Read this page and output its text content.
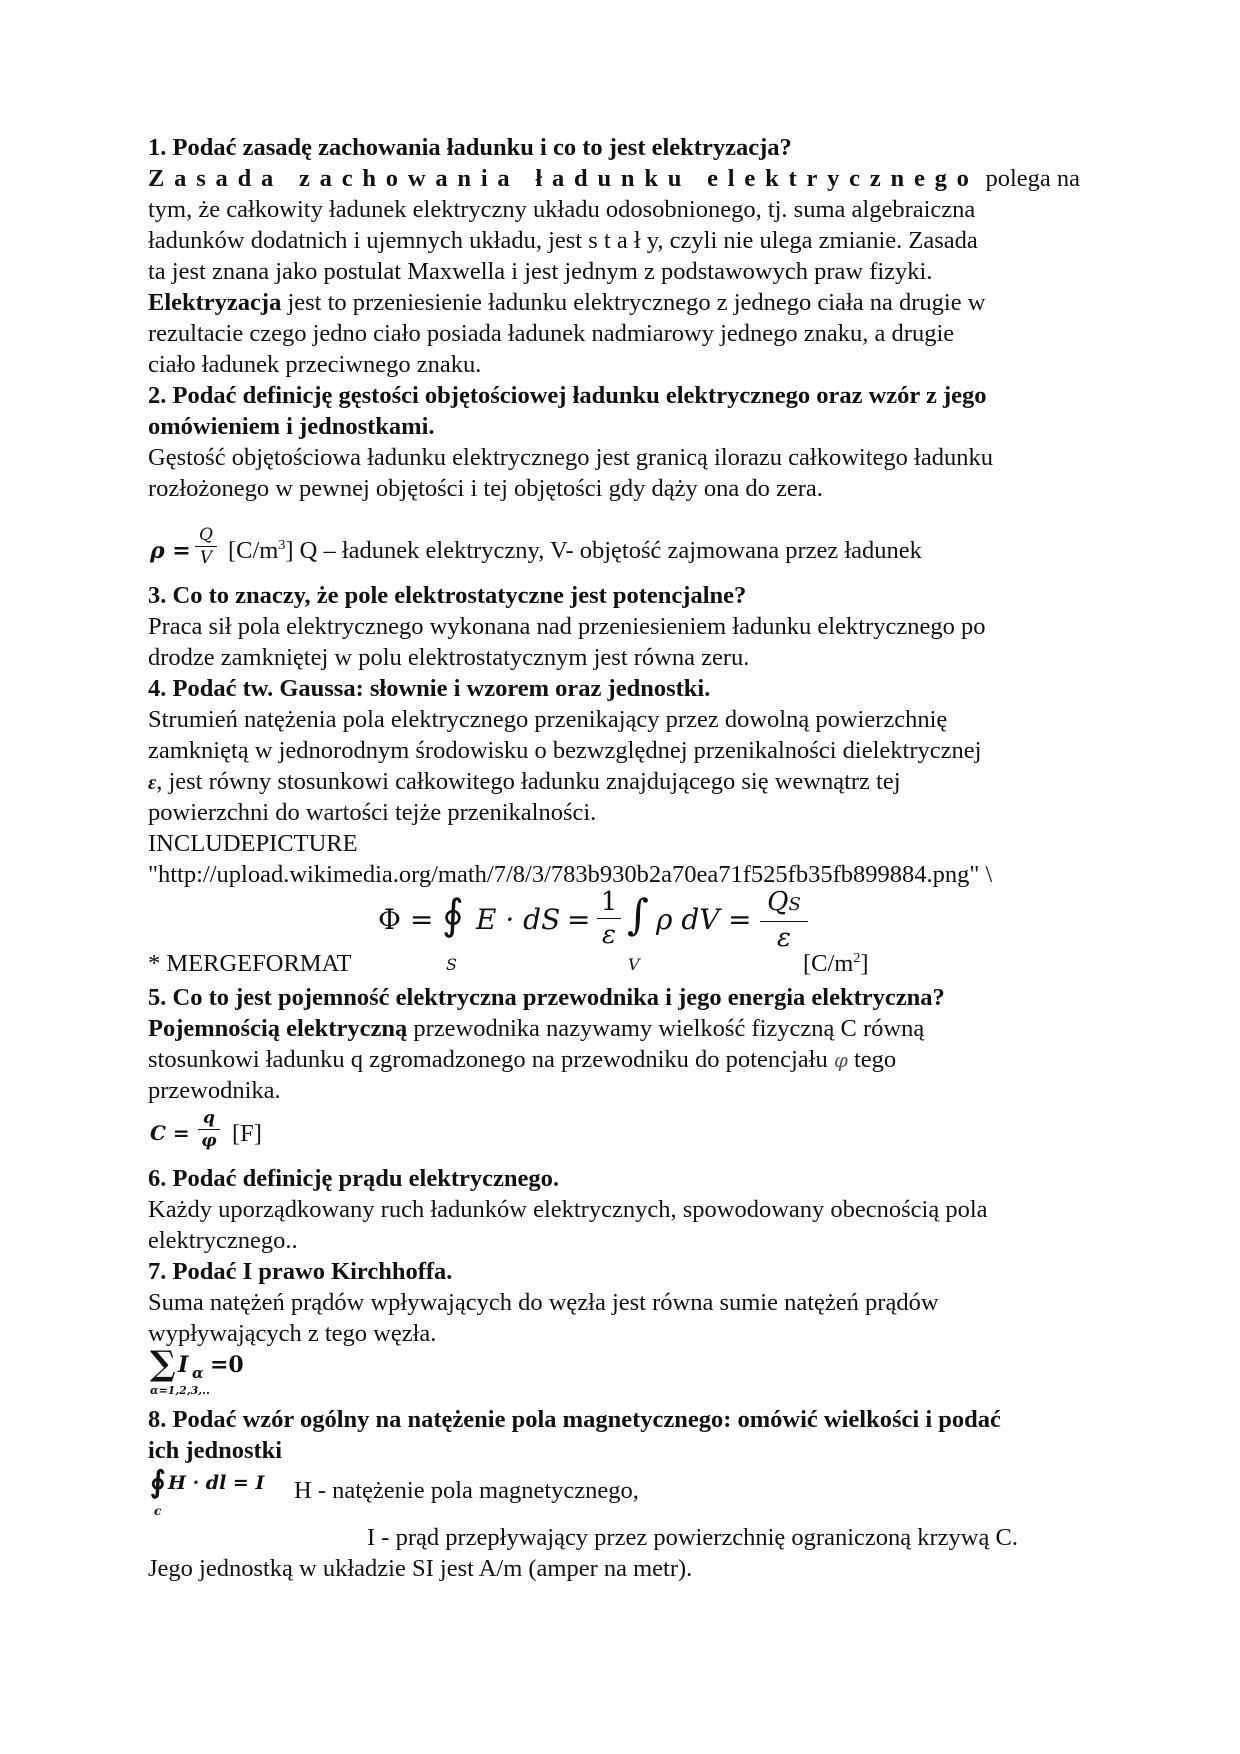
1. Podać zasadę zachowania ładunku i co to jest elektryzacja?
Zasada zachowania ładunku elektrycznego polega na
tym, że całkowity ładunek elektryczny układu odosobnionego, tj. suma algebraiczna
ładunków dodatnich i ujemnych układu, jest s t a ł y, czyli nie ulega zmianie. Zasada
ta jest znana jako postulat Maxwella i jest jednym z podstawowych praw fizyki.
Elektryzacja jest to przeniesienie ładunku elektrycznego z jednego ciała na drugie w
rezultacie czego jedno ciało posiada ładunek nadmiarowy jednego znaku, a drugie
ciało ładunek przeciwnego znaku.
2. Podać definicję gęstości objętościowej ładunku elektrycznego oraz wzór z jego
omówieniem i jednostkami.
Gęstość objętościowa ładunku elektrycznego jest granicą ilorazu całkowitego ładunku
rozłożonego w pewnej objętości i tej objętości gdy dąży ona do zera.
ρ =
Q
V $[C/m^3]$ Q – ładunek elektryczny, V- objętość zajmowana przez ładunek
3. Co to znaczy, że pole elektrostatyczne jest potencjalne?
Praca sił pola elektrycznego wykonana nad przeniesieniem ładunku elektrycznego po
drodze zamkniętej w polu elektrostatycznym jest równa zeru.
4. Podać tw. Gaussa: słownie i wzorem oraz jednostki.
Strumień natężenia pola elektrycznego przenikający przez dowolną powierzchnię
zamkniętą w jednorodnym środowisku o bezwzględnej przenikalności dielektrycznej
ε, jest równy stosunkowi całkowitego ładunku znajdującego się wewnątrz tej
powierzchni do wartości tejże przenikalności.
INCLUDEPICTURE
"http://upload.wikimedia.org/math/7/8/3/783b930b2a70ea71f525fb35fb899884.png" \
Φ = ∮
S
E · dS =
1
ε ∫
V
ρ dV =
QS
ε
* MERGEFORMAT	$[C/m^2]$
5. Co to jest pojemność elektryczna przewodnika i jego energia elektryczna?
Pojemnością elektryczną przewodnika nazywamy wielkość fizyczną C równą
stosunkowi ładunku q zgromadzonego na przewodniku do potencjału φ tego
przewodnika.
C =
q
φ [F]
6. Podać definicję prądu elektrycznego.
Każdy uporządkowany ruch ładunków elektrycznych, spowodowany obecnością pola
elektrycznego..
7. Podać I prawo Kirchhoffa.
Suma natężeń prądów wpływających do węzła jest równa sumie natężeń prądów
wypływających z tego węzła.
∑ I α =0
α=1,2,3,..
8. Podać wzór ogólny na natężenie pola magnetycznego: omówić wielkości i podać
ich jednostki
∮ H · dl = I
c
H - natężenie pola magnetycznego,
I - prąd przepływający przez powierzchnię ograniczoną krzywą C.
Jego jednostką w układzie SI jest A/m (amper na metr).
